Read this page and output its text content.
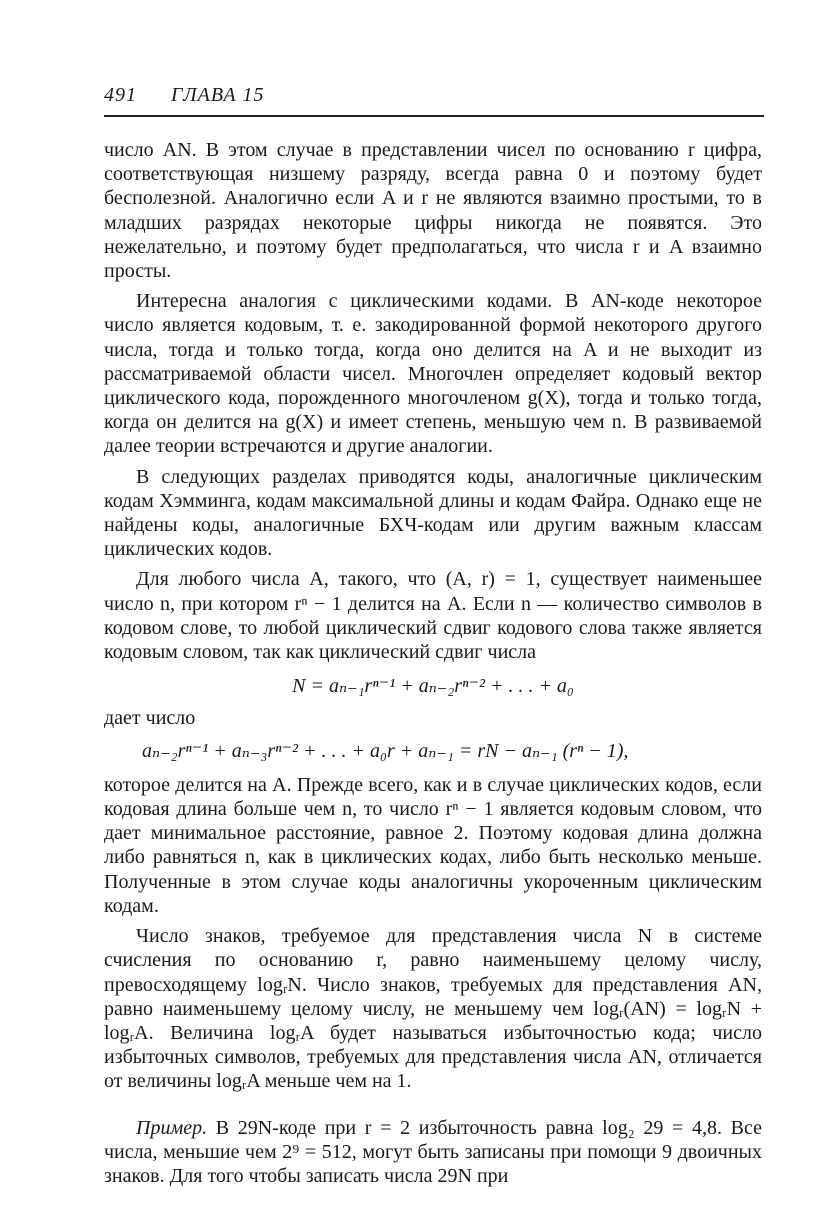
491 ГЛАВА 15

число AN. В этом случае в представлении чисел по основанию r цифра, соответствующая низшему разряду, всегда равна 0 и поэтому будет бесполезной. Аналогично если A и r не являются взаимно простыми, то в младших разрядах некоторые цифры никогда не появятся. Это нежелательно, и поэтому будет предполагаться, что числа r и A взаимно просты.

Интересна аналогия с циклическими кодами. В AN-коде некоторое число является кодовым, т. е. закодированной формой некоторого другого числа, тогда и только тогда, когда оно делится на A и не выходит из рассматриваемой области чисел. Многочлен определяет кодовый вектор циклического кода, порожденного многочленом g(X), тогда и только тогда, когда он делится на g(X) и имеет степень, меньшую чем n. В развиваемой далее теории встречаются и другие аналогии.

В следующих разделах приводятся коды, аналогичные циклическим кодам Хэмминга, кодам максимальной длины и кодам Файра. Однако еще не найдены коды, аналогичные БХЧ-кодам или другим важным классам циклических кодов.

Для любого числа A, такого, что (A, r) = 1, существует наименьшее число n, при котором rⁿ − 1 делится на A. Если n — количество символов в кодовом слове, то любой циклический сдвиг кодового слова также является кодовым словом, так как циклический сдвиг числа

N = aₙ₋₁rⁿ⁻¹ + aₙ₋₂rⁿ⁻² + . . . + a₀

дает число

aₙ₋₂rⁿ⁻¹ + aₙ₋₃rⁿ⁻² + . . . + a₀r + aₙ₋₁ = rN − aₙ₋₁ (rⁿ − 1),

которое делится на A. Прежде всего, как и в случае циклических кодов, если кодовая длина больше чем n, то число rⁿ − 1 является кодовым словом, что дает минимальное расстояние, равное 2. Поэтому кодовая длина должна либо равняться n, как в циклических кодах, либо быть несколько меньше. Полученные в этом случае коды аналогичны укороченным циклическим кодам.

Число знаков, требуемое для представления числа N в системе счисления по основанию r, равно наименьшему целому числу, превосходящему logᵣN. Число знаков, требуемых для представления AN, равно наименьшему целому числу, не меньшему чем logᵣ(AN) = logᵣN + logᵣA. Величина logᵣA будет называться избыточностью кода; число избыточных символов, требуемых для представления числа AN, отличается от величины logᵣA меньше чем на 1.

Пример. В 29N-коде при r = 2 избыточность равна log₂ 29 = 4,8. Все числа, меньшие чем 2⁹ = 512, могут быть записаны при помощи 9 двоичных знаков. Для того чтобы записать числа 29N при
